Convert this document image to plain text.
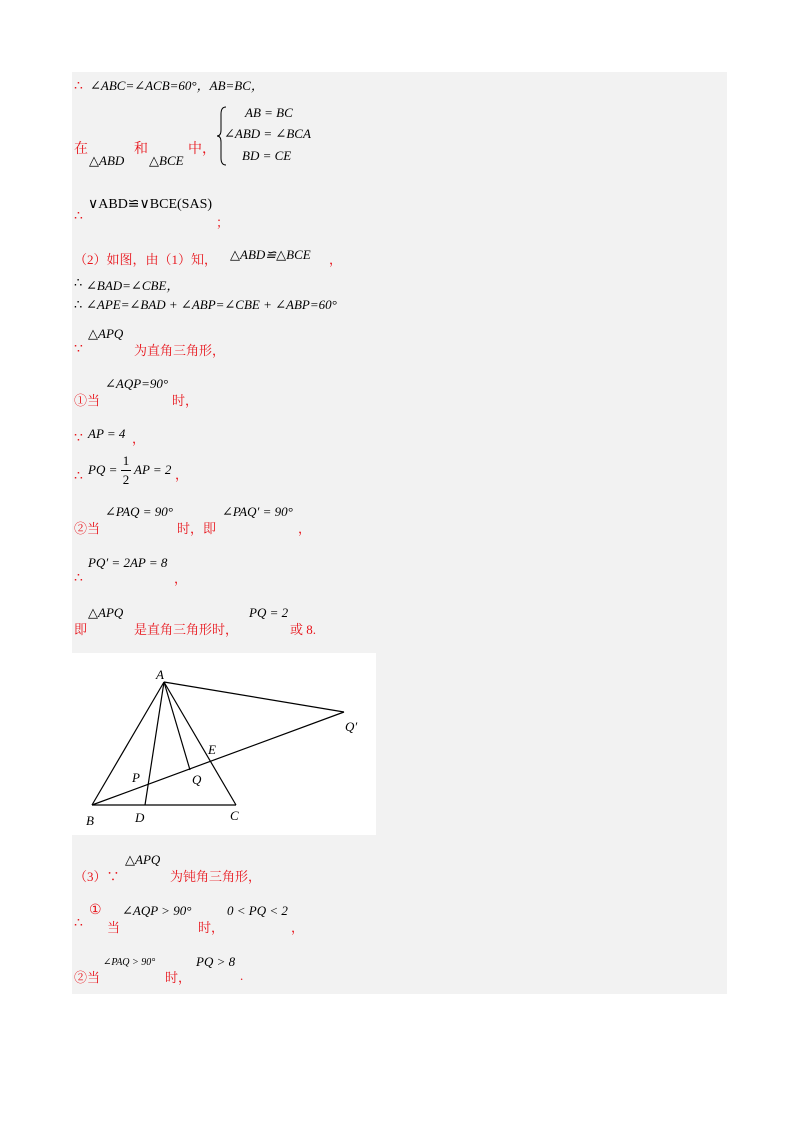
∴ ∠ABC=∠ACB=60°，AB=BC，
在
△ABD
和
△BCE
中，
AB = BC
∠ABD = ∠BCA
BD = CE
∴
∨ABD≌∨BCE(SAS)
；
（2）如图，由（1）知， △ABD≌△BCE ，
∴ ∠BAD=∠CBE，
∴ ∠APE=∠BAD + ∠ABP=∠CBE + ∠ABP=60°
∵
△APQ
为直角三角形，
①当
∠AQP=90°
时，
∵ AP = 4 ，
∴ PQ =
1
2
AP = 2 ，
②当
∠PAQ = 90°
时，即
∠PAQ′ = 90°
，
∴
PQ′ = 2AP = 8
，
即
△APQ
是直角三角形时，
PQ = 2
或 8.
A
B	C
D
E
P	Q
Q′
（3）∵
△APQ
为钝角三角形，
∴
①
当
∠AQP > 90°
时，
0 < PQ < 2
，
②当
∠PAQ > 90°
时，
PQ > 8
.
